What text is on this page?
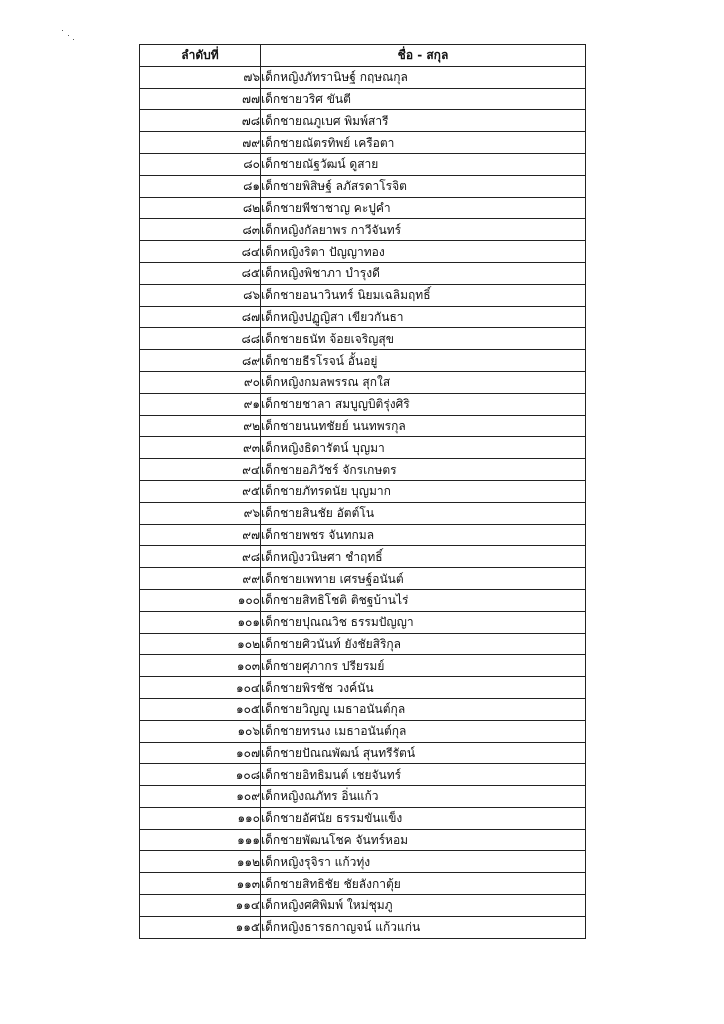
ลำดับที่	ชื่อ - สกุล
๗๖	เด็กหญิงภัทรานิษฐ์ กฤษณกุล
๗๗	เด็กชายวริศ ขันตี
๗๘	เด็กชายณภูเบศ พิมพ์สารี
๗๙	เด็กชายณัตรทิพย์ เครือตา
๘๐	เด็กชายณัฐวัฒน์ ดูสาย
๘๑	เด็กชายพิสิษฐ์ ลภัสรดาโรจิต
๘๒	เด็กชายพีชาชาญ คะปูคำ
๘๓	เด็กหญิงกัลยาพร กาวีจันทร์
๘๔	เด็กหญิงริตา ปัญญาทอง
๘๕	เด็กหญิงพิชาภา บำรุงดี
๘๖	เด็กชายอนาวินทร์ นิยมเฉลิมฤทธิ์
๘๗	เด็กหญิงปฏูญิสา เขียวกันธา
๘๘	เด็กชายธนัท จ้อยเจริญสุข
๘๙	เด็กชายธีรโรจน์ อั้นอยู่
๙๐	เด็กหญิงกมลพรรณ สุกใส
๙๑	เด็กชายชาลา สมบูญบิติรุ่งศิริ
๙๒	เด็กชายนนทชัยย์ นนทพรกุล
๙๓	เด็กหญิงธิดารัตน์ บุญมา
๙๔	เด็กชายอภิวัชร์ จักรเกษตร
๙๕	เด็กชายภัทรดนัย บุญมาก
๙๖	เด็กชายสินชัย อัตต์โน
๙๗	เด็กชายพชร จันทกมล
๙๘	เด็กหญิงวนิษศา ชำฤทธิ์
๙๙	เด็กชายเพทาย เศรษฐ์อนันต์
๑๐๐	เด็กชายสิทธิโชติ ติชฐบ้านไร่
๑๐๑	เด็กชายปุณณวิช ธรรมปัญญา
๑๐๒	เด็กชายศิวนันท์ ยังชัยสิริกุล
๑๐๓	เด็กชายศุภากร ปรียรมย์
๑๐๔	เด็กชายพิรชัช วงค์นัน
๑๐๕	เด็กชายวิญญู เมธาอนันต์กุล
๑๐๖	เด็กชายทรนง เมธาอนันต์กุล
๑๐๗	เด็กชายปัณณพัฒน์ สุนทรีรัตน์
๑๐๘	เด็กชายอิทธิมนต์ เชยจันทร์
๑๐๙	เด็กหญิงณภัทร อิ่นแก้ว
๑๑๐	เด็กชายอัศนัย ธรรมขันแข็ง
๑๑๑	เด็กชายพัฒนโชค จันทร์หอม
๑๑๒	เด็กหญิงรุจิรา แก้วทุ่ง
๑๑๓	เด็กชายสิทธิชัย ชัยลังกาตุ้ย
๑๑๔	เด็กหญิงศศิพิมพ์ ใหม่ชุมภู
๑๑๕	เด็กหญิงธารธกาญจน์ แก้วแก่น
